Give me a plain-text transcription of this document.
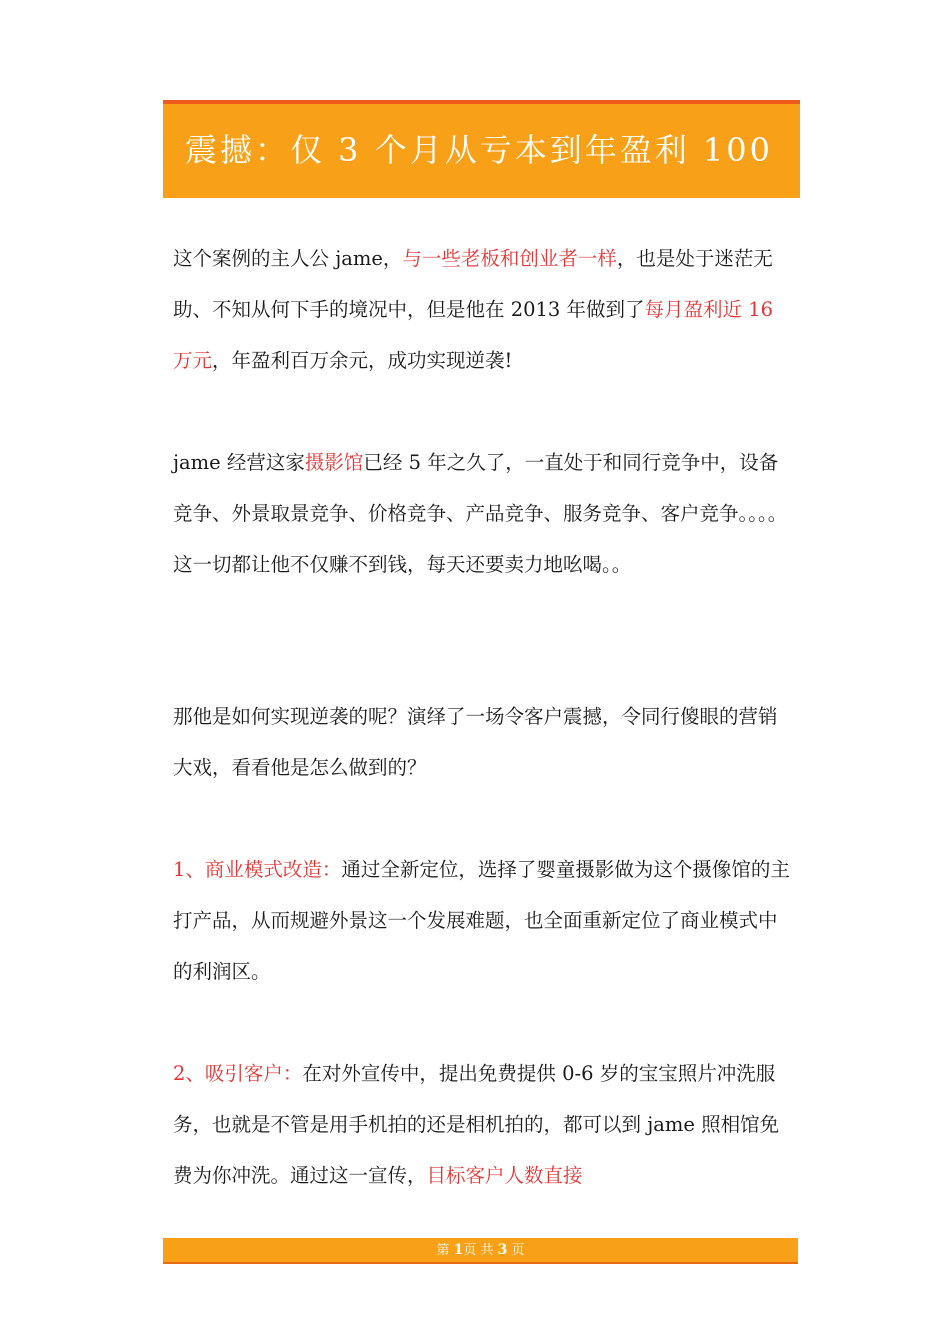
震撼：仅 3 个月从亏本到年盈利 100

这个案例的主人公 jame，与一些老板和创业者一样，也是处于迷茫无助、不知从何下手的境况中，但是他在 2013 年做到了每月盈利近 16 万元，年盈利百万余元，成功实现逆袭!

jame 经营这家摄影馆已经 5 年之久了，一直处于和同行竞争中，设备竞争、外景取景竞争、价格竞争、产品竞争、服务竞争、客户竞争。。。。这一切都让他不仅赚不到钱，每天还要卖力地吆喝。。

那他是如何实现逆袭的呢？演绎了一场令客户震撼，令同行傻眼的营销大戏，看看他是怎么做到的？

1、商业模式改造：通过全新定位，选择了婴童摄影做为这个摄像馆的主打产品，从而规避外景这一个发展难题，也全面重新定位了商业模式中的利润区。

2、吸引客户：在对外宣传中，提出免费提供 0-6 岁的宝宝照片冲洗服务，也就是不管是用手机拍的还是相机拍的，都可以到 jame 照相馆免费为你冲洗。通过这一宣传，目标客户人数直接

第 1页 共 3 页
